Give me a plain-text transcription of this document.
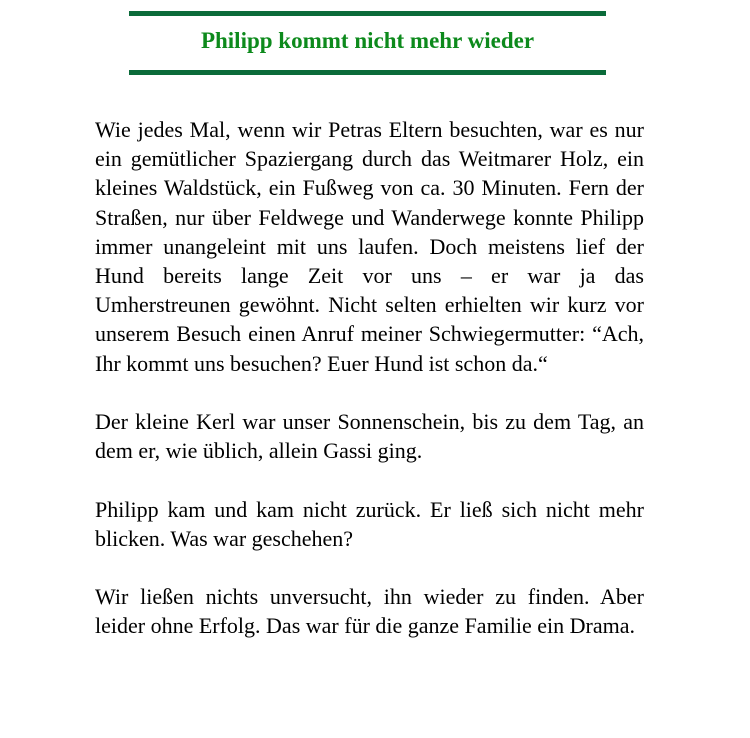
Philipp kommt nicht mehr wieder

Wie jedes Mal, wenn wir Petras Eltern besuchten, war es nur ein gemütlicher Spaziergang durch das Weitmarer Holz, ein kleines Waldstück, ein Fußweg von ca. 30 Minuten. Fern der Straßen, nur über Feldwege und Wanderwege konnte Philipp immer unangeleint mit uns laufen. Doch meistens lief der Hund bereits lange Zeit vor uns – er war ja das Umherstreunen gewöhnt. Nicht selten erhielten wir kurz vor unserem Besuch einen Anruf meiner Schwiegermutter: “Ach, Ihr kommt uns besuchen? Euer Hund ist schon da.“

Der kleine Kerl war unser Sonnenschein, bis zu dem Tag, an dem er, wie üblich, allein Gassi ging.

Philipp kam und kam nicht zurück. Er ließ sich nicht mehr blicken. Was war geschehen?

Wir ließen nichts unversucht, ihn wieder zu finden. Aber leider ohne Erfolg. Das war für die ganze Familie ein Drama.
